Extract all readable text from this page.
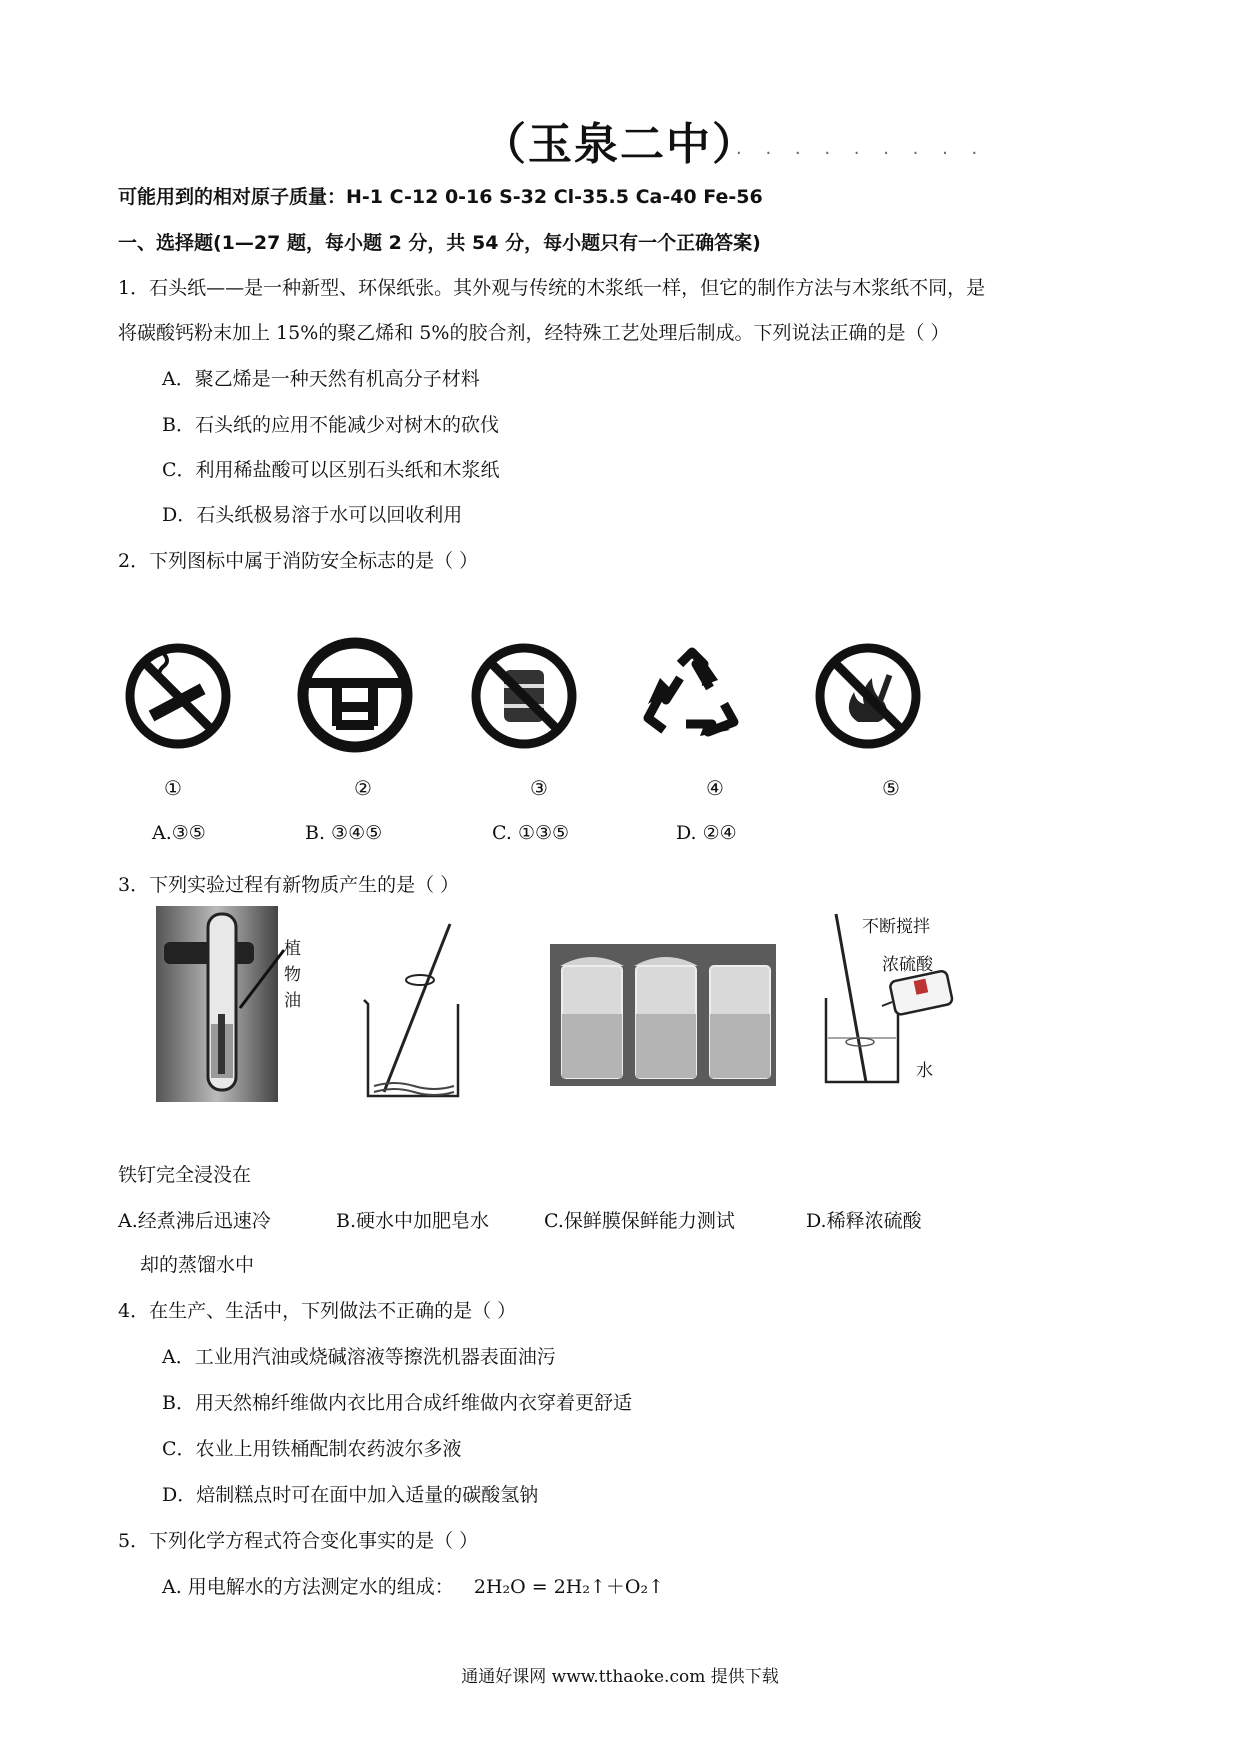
（玉泉二中）
. . . . . . . . .
可能用到的相对原子质量：H-1 C-12 0-16 S-32 Cl-35.5 Ca-40 Fe-56
一、选择题(1—27 题，每小题 2 分，共 54 分，每小题只有一个正确答案)
1．石头纸——是一种新型、环保纸张。其外观与传统的木浆纸一样，但它的制作方法与木浆纸不同，是
将碳酸钙粉末加上 15%的聚乙烯和 5%的胶合剂，经特殊工艺处理后制成。下列说法正确的是（ ）
A．聚乙烯是一种天然有机高分子材料
B．石头纸的应用不能减少对树木的砍伐
C．利用稀盐酸可以区别石头纸和木浆纸
D．石头纸极易溶于水可以回收利用
2．下列图标中属于消防安全标志的是（ ）
①	②	③	④	⑤
A.③⑤	B. ③④⑤	C. ①③⑤	D. ②④
3．下列实验过程有新物质产生的是（ ）
植
物
油
不断搅拌
浓硫酸
水
铁钉完全浸没在
A.经煮沸后迅速冷	B.硬水中加肥皂水	C.保鲜膜保鲜能力测试	D.稀释浓硫酸
却的蒸馏水中
4．在生产、生活中，下列做法不正确的是（ ）
A．工业用汽油或烧碱溶液等擦洗机器表面油污
B．用天然棉纤维做内衣比用合成纤维做内衣穿着更舒适
C．农业上用铁桶配制农药波尔多液
D．焙制糕点时可在面中加入适量的碳酸氢钠
5．下列化学方程式符合变化事实的是（ ）
A. 用电解水的方法测定水的组成： 2H₂O = 2H₂↑＋O₂↑
通通好课网 www.tthaoke.com 提供下载
